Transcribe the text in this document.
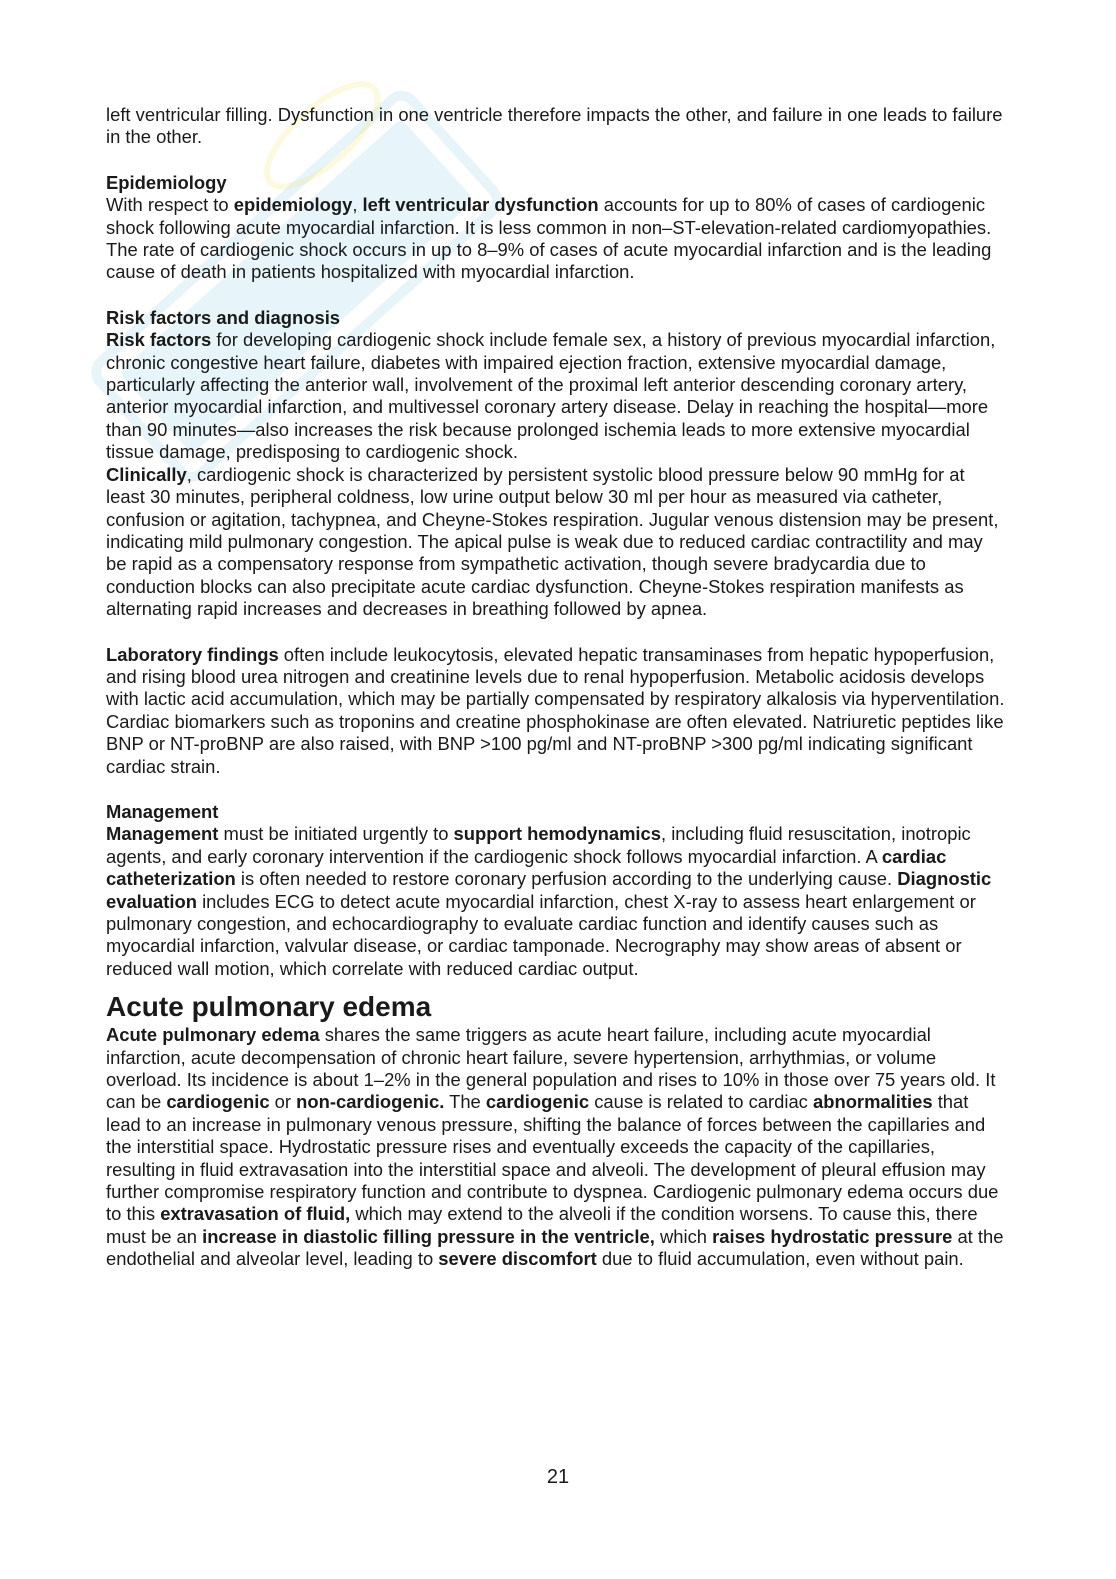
left ventricular filling. Dysfunction in one ventricle therefore impacts the other, and failure in one leads to failure in the other.

Epidemiology

With respect to epidemiology, left ventricular dysfunction accounts for up to 80% of cases of cardiogenic shock following acute myocardial infarction. It is less common in non–ST-elevation-related cardiomyopathies. The rate of cardiogenic shock occurs in up to 8–9% of cases of acute myocardial infarction and is the leading cause of death in patients hospitalized with myocardial infarction.

Risk factors and diagnosis

Risk factors for developing cardiogenic shock include female sex, a history of previous myocardial infarction, chronic congestive heart failure, diabetes with impaired ejection fraction, extensive myocardial damage, particularly affecting the anterior wall, involvement of the proximal left anterior descending coronary artery, anterior myocardial infarction, and multivessel coronary artery disease. Delay in reaching the hospital—more than 90 minutes—also increases the risk because prolonged ischemia leads to more extensive myocardial tissue damage, predisposing to cardiogenic shock.

Clinically, cardiogenic shock is characterized by persistent systolic blood pressure below 90 mmHg for at least 30 minutes, peripheral coldness, low urine output below 30 ml per hour as measured via catheter, confusion or agitation, tachypnea, and Cheyne-Stokes respiration. Jugular venous distension may be present, indicating mild pulmonary congestion. The apical pulse is weak due to reduced cardiac contractility and may be rapid as a compensatory response from sympathetic activation, though severe bradycardia due to conduction blocks can also precipitate acute cardiac dysfunction. Cheyne-Stokes respiration manifests as alternating rapid increases and decreases in breathing followed by apnea.

Laboratory findings often include leukocytosis, elevated hepatic transaminases from hepatic hypoperfusion, and rising blood urea nitrogen and creatinine levels due to renal hypoperfusion. Metabolic acidosis develops with lactic acid accumulation, which may be partially compensated by respiratory alkalosis via hyperventilation. Cardiac biomarkers such as troponins and creatine phosphokinase are often elevated. Natriuretic peptides like BNP or NT-proBNP are also raised, with BNP >100 pg/ml and NT-proBNP >300 pg/ml indicating significant cardiac strain.

Management

Management must be initiated urgently to support hemodynamics, including fluid resuscitation, inotropic agents, and early coronary intervention if the cardiogenic shock follows myocardial infarction. A cardiac catheterization is often needed to restore coronary perfusion according to the underlying cause. Diagnostic evaluation includes ECG to detect acute myocardial infarction, chest X-ray to assess heart enlargement or pulmonary congestion, and echocardiography to evaluate cardiac function and identify causes such as myocardial infarction, valvular disease, or cardiac tamponade. Necrography may show areas of absent or reduced wall motion, which correlate with reduced cardiac output.

Acute pulmonary edema

Acute pulmonary edema shares the same triggers as acute heart failure, including acute myocardial infarction, acute decompensation of chronic heart failure, severe hypertension, arrhythmias, or volume overload. Its incidence is about 1–2% in the general population and rises to 10% in those over 75 years old. It can be cardiogenic or non-cardiogenic. The cardiogenic cause is related to cardiac abnormalities that lead to an increase in pulmonary venous pressure, shifting the balance of forces between the capillaries and the interstitial space. Hydrostatic pressure rises and eventually exceeds the capacity of the capillaries, resulting in fluid extravasation into the interstitial space and alveoli. The development of pleural effusion may further compromise respiratory function and contribute to dyspnea. Cardiogenic pulmonary edema occurs due to this extravasation of fluid, which may extend to the alveoli if the condition worsens. To cause this, there must be an increase in diastolic filling pressure in the ventricle, which raises hydrostatic pressure at the endothelial and alveolar level, leading to severe discomfort due to fluid accumulation, even without pain.

21
